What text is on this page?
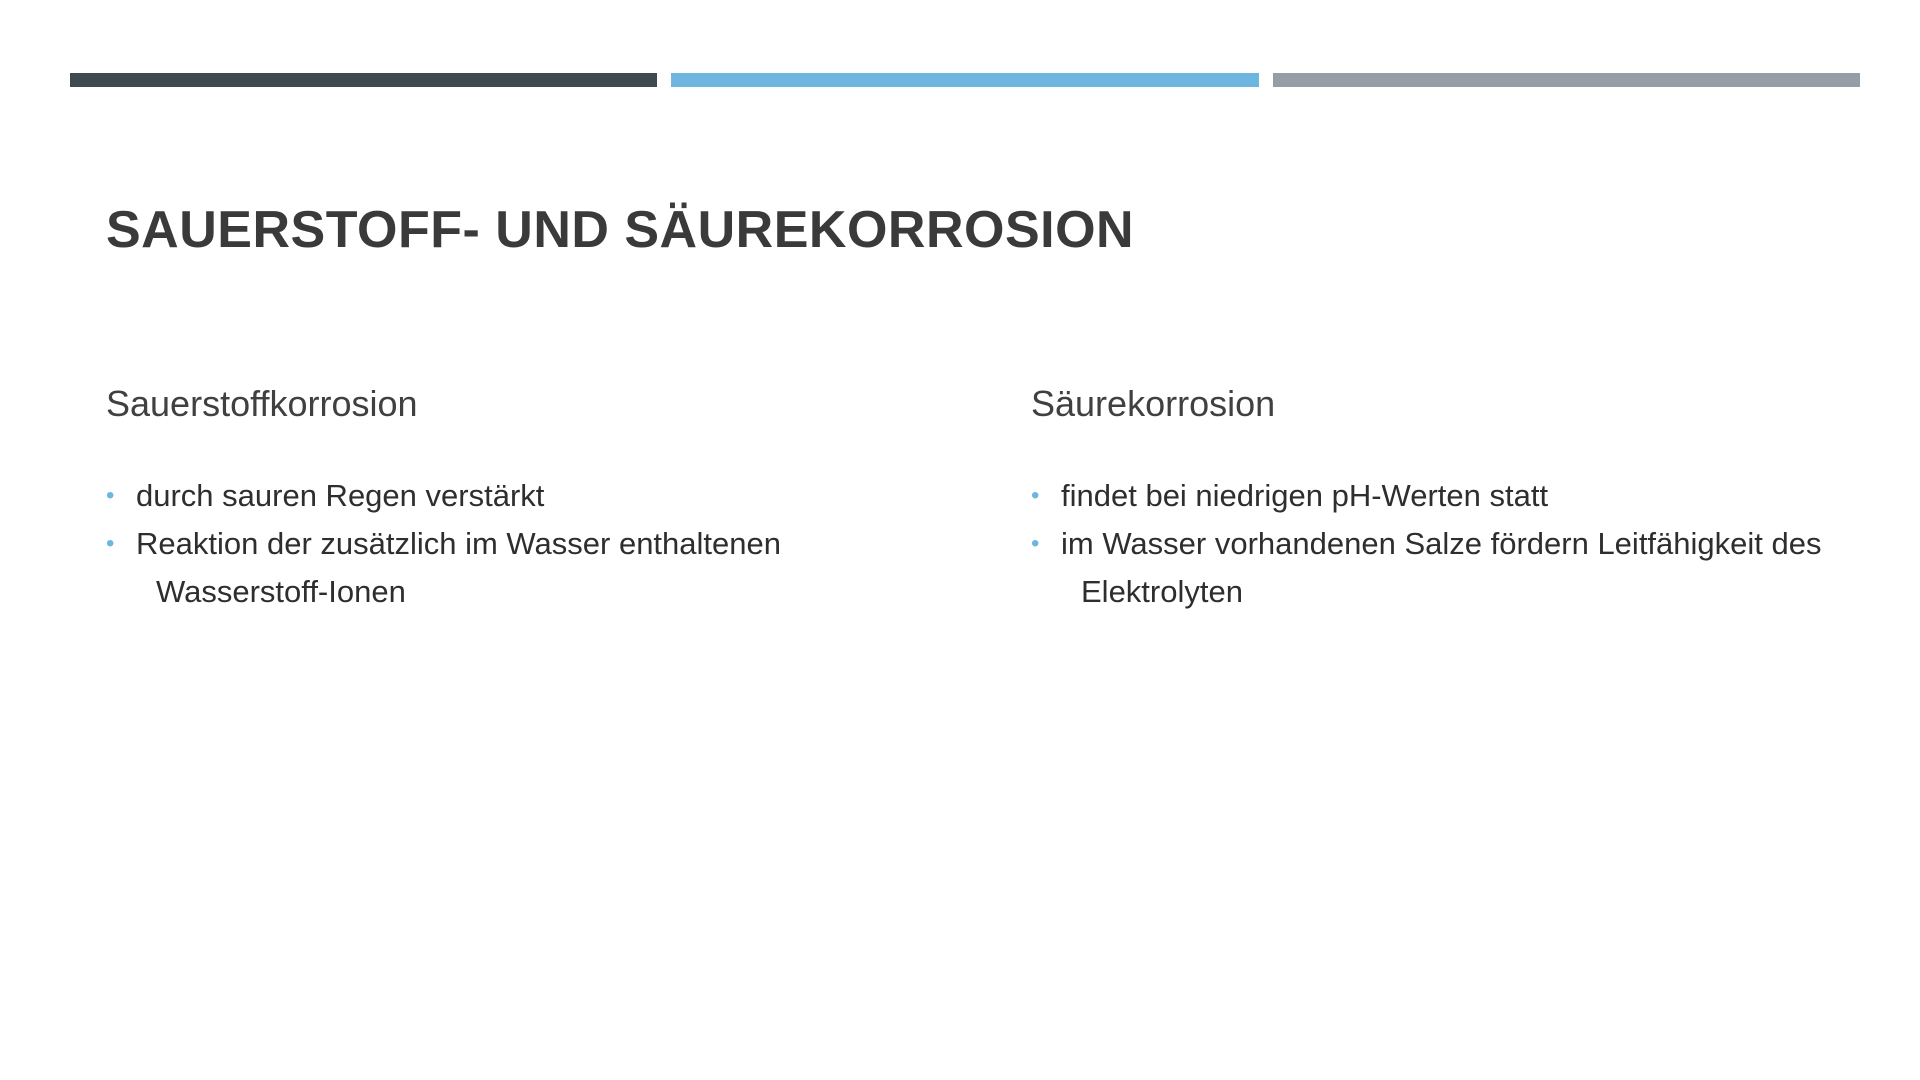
SAUERSTOFF- UND SÄUREKORROSION
Sauerstoffkorrosion
• durch sauren Regen verstärkt
• Reaktion der zusätzlich im Wasser enthaltenen Wasserstoff-Ionen
Säurekorrosion
• findet bei niedrigen pH-Werten statt
• im Wasser vorhandenen Salze fördern Leitfähigkeit des Elektrolyten
